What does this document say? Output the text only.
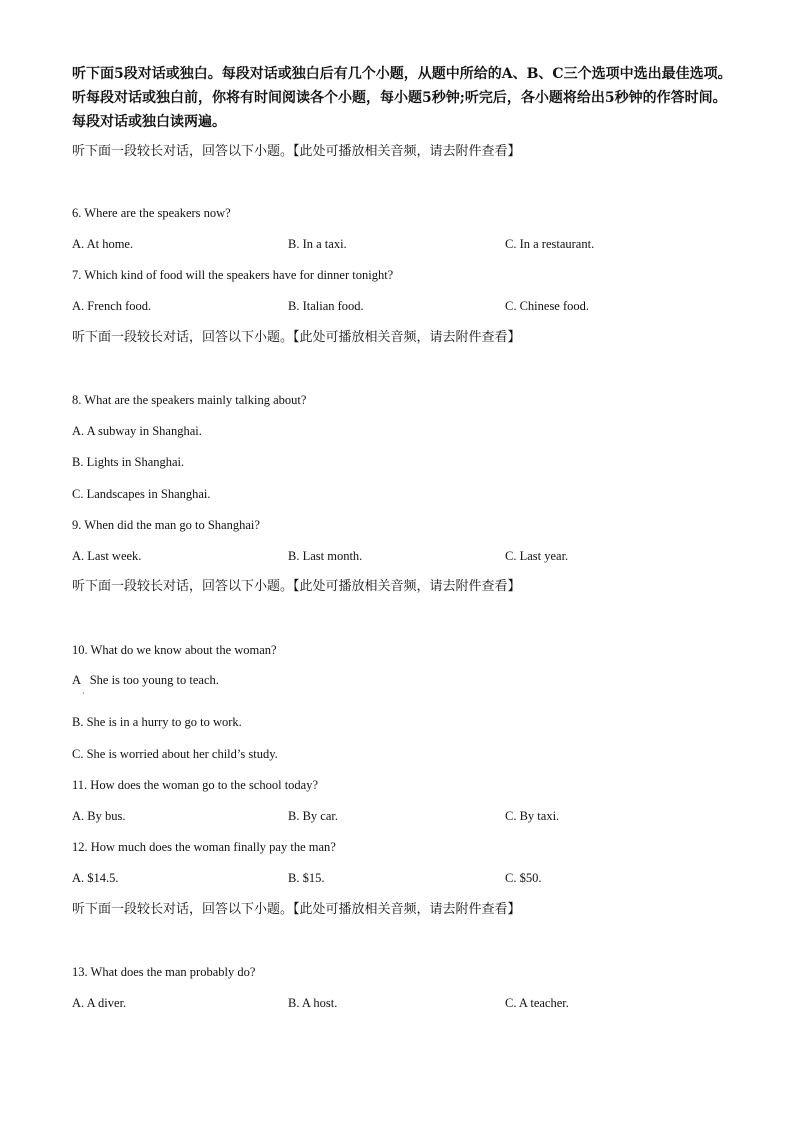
听下面5段对话或独白。每段对话或独白后有几个小题，从题中所给的A、B、C三个选项中选出最佳选项。听每段对话或独白前，你将有时间阅读各个小题，每小题5秒钟;听完后，各小题将给出5秒钟的作答时间。每段对话或独白读两遍。

听下面一段较长对话，回答以下小题。【此处可播放相关音频，请去附件查看】

6. Where are the speakers now?

A. At home.	B. In a taxi.	C. In a restaurant.

7. Which kind of food will the speakers have for dinner tonight?

A. French food.	B. Italian food.	C. Chinese food.

听下面一段较长对话，回答以下小题。【此处可播放相关音频，请去附件查看】

8. What are the speakers mainly talking about?

A. A subway in Shanghai.
B. Lights in Shanghai.
C. Landscapes in Shanghai.

9. When did the man go to Shanghai?

A. Last week.	B. Last month.	C. Last year.

听下面一段较长对话，回答以下小题。【此处可播放相关音频，请去附件查看】

10. What do we know about the woman?

A   She is too young to teach.
·
B. She is in a hurry to go to work.
C. She is worried about her child’s study.

11. How does the woman go to the school today?

A. By bus.	B. By car.	C. By taxi.

12. How much does the woman finally pay the man?

A. $14.5.	B. $15.	C. $50.

听下面一段较长对话，回答以下小题。【此处可播放相关音频，请去附件查看】

13. What does the man probably do?

A. A diver.	B. A host.	C. A teacher.
